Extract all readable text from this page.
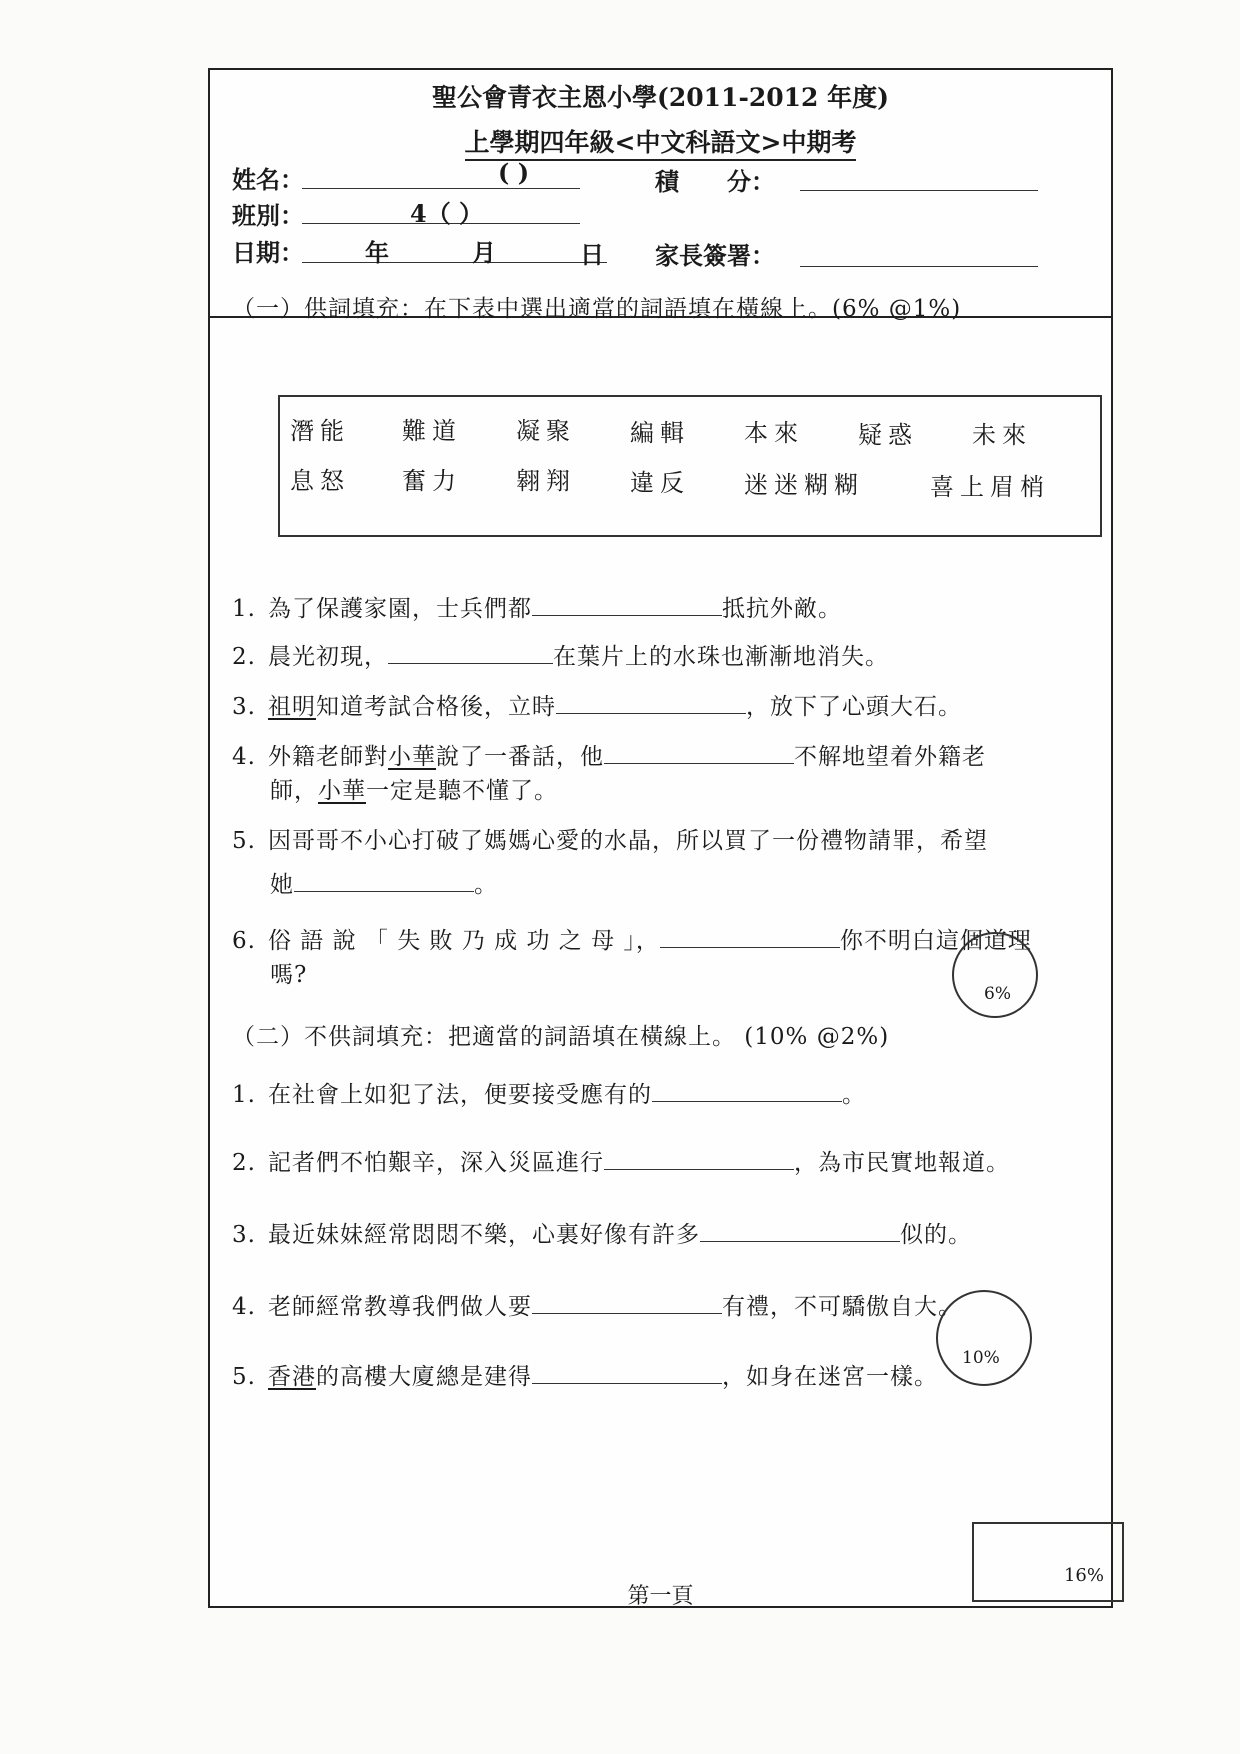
聖公會青衣主恩小學(2011-2012 年度)
上學期四年級<中文科語文>中期考
姓名：	( )	積　　分：
班別：	4（ ）
日期：	年	月	日 家長簽署：
（一）供詞填充：在下表中選出適當的詞語填在橫線上。(6% @1%)
潛能 難道 凝聚 編輯 本來 疑惑 未來
息怒 奮力 翱翔 違反 迷迷糊糊	喜上眉梢
1. 為了保護家園，士兵們都	抵抗外敵。
2. 晨光初現，	在葉片上的水珠也漸漸地消失。
3. 祖明知道考試合格後，立時	，放下了心頭大石。
4. 外籍老師對小華說了一番話，他	不解地望着外籍老
師，小華一定是聽不懂了。
5. 因哥哥不小心打破了媽媽心愛的水晶，所以買了一份禮物請罪，希望
她	。
6. 俗 語 說 「 失 敗 乃 成 功 之 母 」，	你不明白這個道理
嗎?
6%
（二）不供詞填充：把適當的詞語填在橫線上。 (10% @2%)
1. 在社會上如犯了法，便要接受應有的	。
2. 記者們不怕艱辛，深入災區進行	，為市民實地報道。
3. 最近妹妹經常悶悶不樂，心裏好像有許多	似的。
4. 老師經常教導我們做人要	有禮，不可驕傲自大。
5. 香港的高樓大廈總是建得	，如身在迷宮一樣。
10%
16%
第一頁
